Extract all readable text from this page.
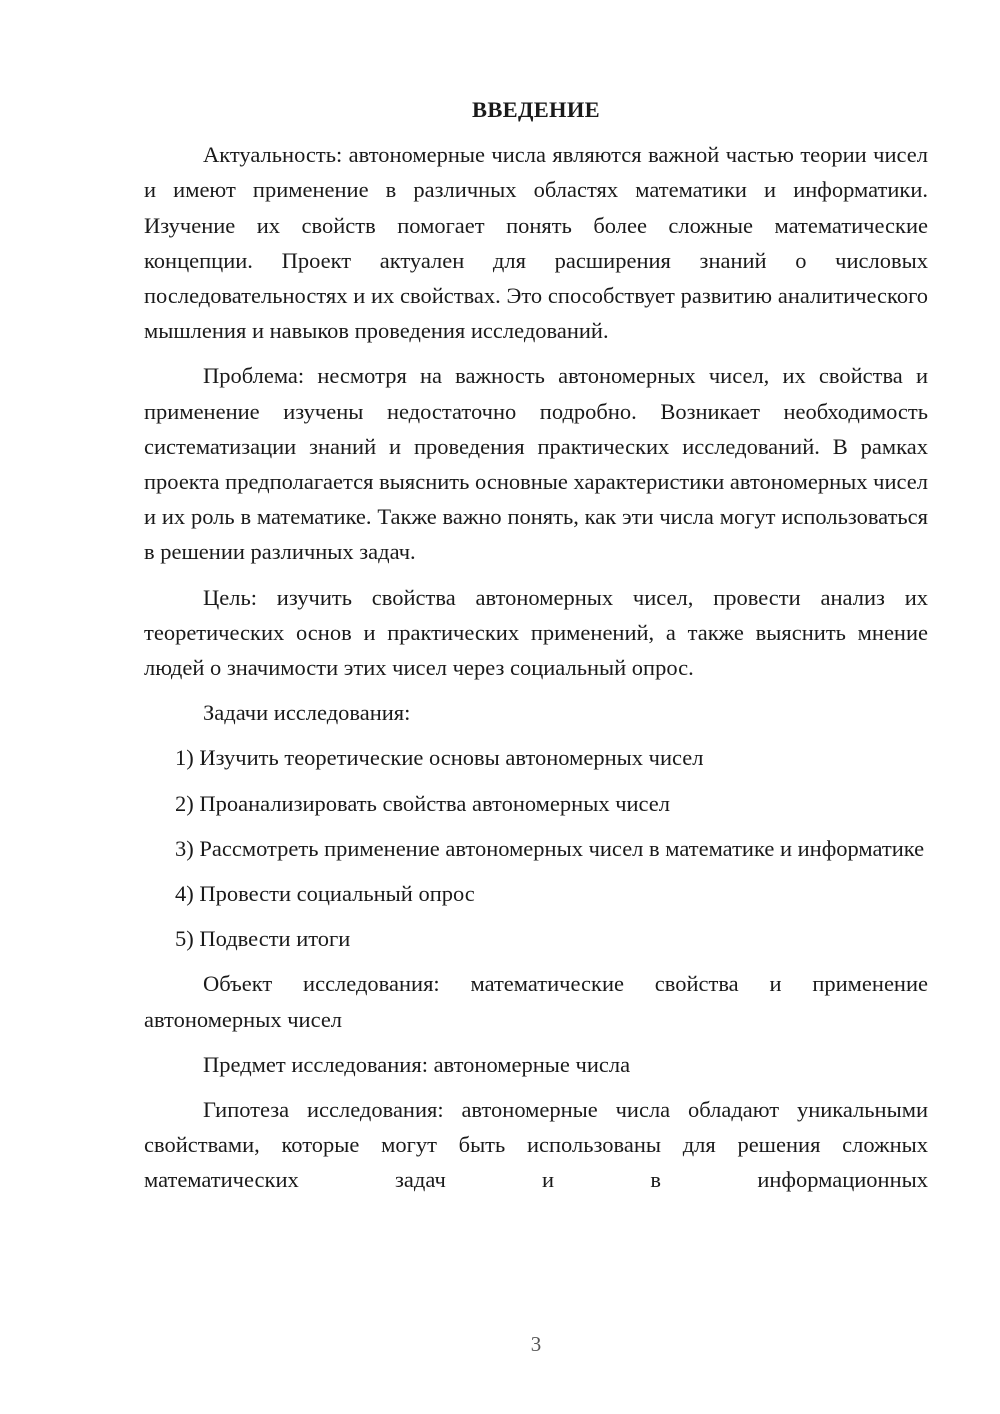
ВВЕДЕНИЕ

Актуальность: автономерные числа являются важной частью теории чисел и имеют применение в различных областях математики и информатики. Изучение их свойств помогает понять более сложные математические концепции. Проект актуален для расширения знаний о числовых последовательностях и их свойствах. Это способствует развитию аналитического мышления и навыков проведения исследований.

Проблема: несмотря на важность автономерных чисел, их свойства и применение изучены недостаточно подробно. Возникает необходимость систематизации знаний и проведения практических исследований. В рамках проекта предполагается выяснить основные характеристики автономерных чисел и их роль в математике. Также важно понять, как эти числа могут использоваться в решении различных задач.

Цель: изучить свойства автономерных чисел, провести анализ их теоретических основ и практических применений, а также выяснить мнение людей о значимости этих чисел через социальный опрос.

Задачи исследования:

1) Изучить теоретические основы автономерных чисел

2) Проанализировать свойства автономерных чисел

3) Рассмотреть применение автономерных чисел в математике и информатике

4) Провести социальный опрос

5) Подвести итоги

Объект исследования: математические свойства и применение автономерных чисел

Предмет исследования: автономерные числа

Гипотеза исследования: автономерные числа обладают уникальными свойствами, которые могут быть использованы для решения сложных математических задач и в информационных

3
